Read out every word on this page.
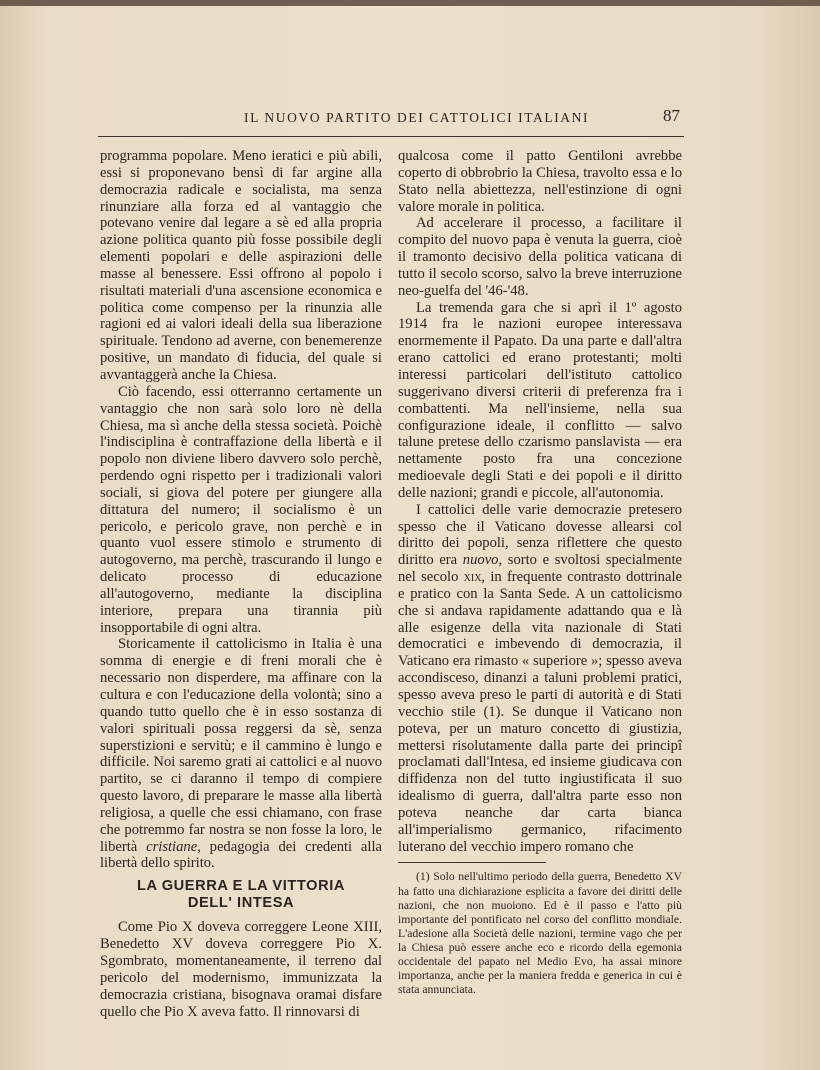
IL NUOVO PARTITO DEI CATTOLICI ITALIANI	87

programma popolare. Meno ieratici e più abili, essi si proponevano bensì di far argine alla democrazia radicale e socialista, ma senza rinunziare alla forza ed al vantaggio che potevano venire dal legare a sè ed alla propria azione politica quanto più fosse possibile degli elementi popolari e delle aspirazioni delle masse al benessere. Essi offrono al popolo i risultati materiali d'una ascensione economica e politica come compenso per la rinunzia alle ragioni ed ai valori ideali della sua liberazione spirituale. Tendono ad averne, con benemerenze positive, un mandato di fiducia, del quale si avvantaggerà anche la Chiesa.

Ciò facendo, essi otterranno certamente un vantaggio che non sarà solo loro nè della Chiesa, ma sì anche della stessa società. Poichè l'indisciplina è contraffazione della libertà e il popolo non diviene libero davvero solo perchè, perdendo ogni rispetto per i tradizionali valori sociali, si giova del potere per giungere alla dittatura del numero; il socialismo è un pericolo, e pericolo grave, non perchè e in quanto vuol essere stimolo e strumento di autogoverno, ma perchè, trascurando il lungo e delicato processo di educazione all'autogoverno, mediante la disciplina interiore, prepara una tirannia più insopportabile di ogni altra.

Storicamente il cattolicismo in Italia è una somma di energie e di freni morali che è necessario non disperdere, ma affinare con la cultura e con l'educazione della volontà; sino a quando tutto quello che è in esso sostanza di valori spirituali possa reggersi da sè, senza superstizioni e servitù; e il cammino è lungo e difficile. Noi saremo grati ai cattolici e al nuovo partito, se ci daranno il tempo di compiere questo lavoro, di preparare le masse alla libertà religiosa, a quelle che essi chiamano, con frase che potremmo far nostra se non fosse la loro, le libertà cristiane, pedagogia dei credenti alla libertà dello spirito.

LA GUERRA E LA VITTORIA
DELL' INTESA

Come Pio X doveva correggere Leone XIII, Benedetto XV doveva correggere Pio X. Sgombrato, momentaneamente, il terreno dal pericolo del modernismo, immunizzata la democrazia cristiana, bisognava oramai disfare quello che Pio X aveva fatto. Il rinnovarsi di

qualcosa come il patto Gentiloni avrebbe coperto di obbrobrio la Chiesa, travolto essa e lo Stato nella abiettezza, nell'estinzione di ogni valore morale in politica.

Ad accelerare il processo, a facilitare il compito del nuovo papa è venuta la guerra, cioè il tramonto decisivo della politica vaticana di tutto il secolo scorso, salvo la breve interruzione neo-guelfa del '46-'48.

La tremenda gara che si aprì il 1º agosto 1914 fra le nazioni europee interessava enormemente il Papato. Da una parte e dall'altra erano cattolici ed erano protestanti; molti interessi particolari dell'istituto cattolico suggerivano diversi criterii di preferenza fra i combattenti. Ma nell'insieme, nella sua configurazione ideale, il conflitto — salvo talune pretese dello czarismo panslavista — era nettamente posto fra una concezione medioevale degli Stati e dei popoli e il diritto delle nazioni; grandi e piccole, all'autonomia.

I cattolici delle varie democrazie pretesero spesso che il Vaticano dovesse allearsi col diritto dei popoli, senza riflettere che questo diritto era nuovo, sorto e svoltosi specialmente nel secolo xix, in frequente contrasto dottrinale e pratico con la Santa Sede. A un cattolicismo che si andava rapidamente adattando qua e là alle esigenze della vita nazionale di Stati democratici e imbevendo di democrazia, il Vaticano era rimasto « superiore »; spesso aveva accondisceso, dinanzi a taluni problemi pratici, spesso aveva preso le parti di autorità e di Stati vecchio stile (1). Se dunque il Vaticano non poteva, per un maturo concetto di giustizia, mettersi risolutamente dalla parte dei principî proclamati dall'Intesa, ed insieme giudicava con diffidenza non del tutto ingiustificata il suo idealismo di guerra, dall'altra parte esso non poteva neanche dar carta bianca all'imperialismo germanico, rifacimento luterano del vecchio impero romano che

(1) Solo nell'ultimo periodo della guerra, Benedetto XV ha fatto una dichiarazione esplicita a favore dei diritti delle nazioni, che non muoiono. Ed è il passo e l'atto più importante del pontificato nel corso del conflitto mondiale. L'adesione alla Società delle nazioni, termine vago che per la Chiesa può essere anche eco e ricordo della egemonia occidentale del papato nel Medio Evo, ha assai minore importanza, anche per la maniera fredda e generica in cui è stata annunciata.
